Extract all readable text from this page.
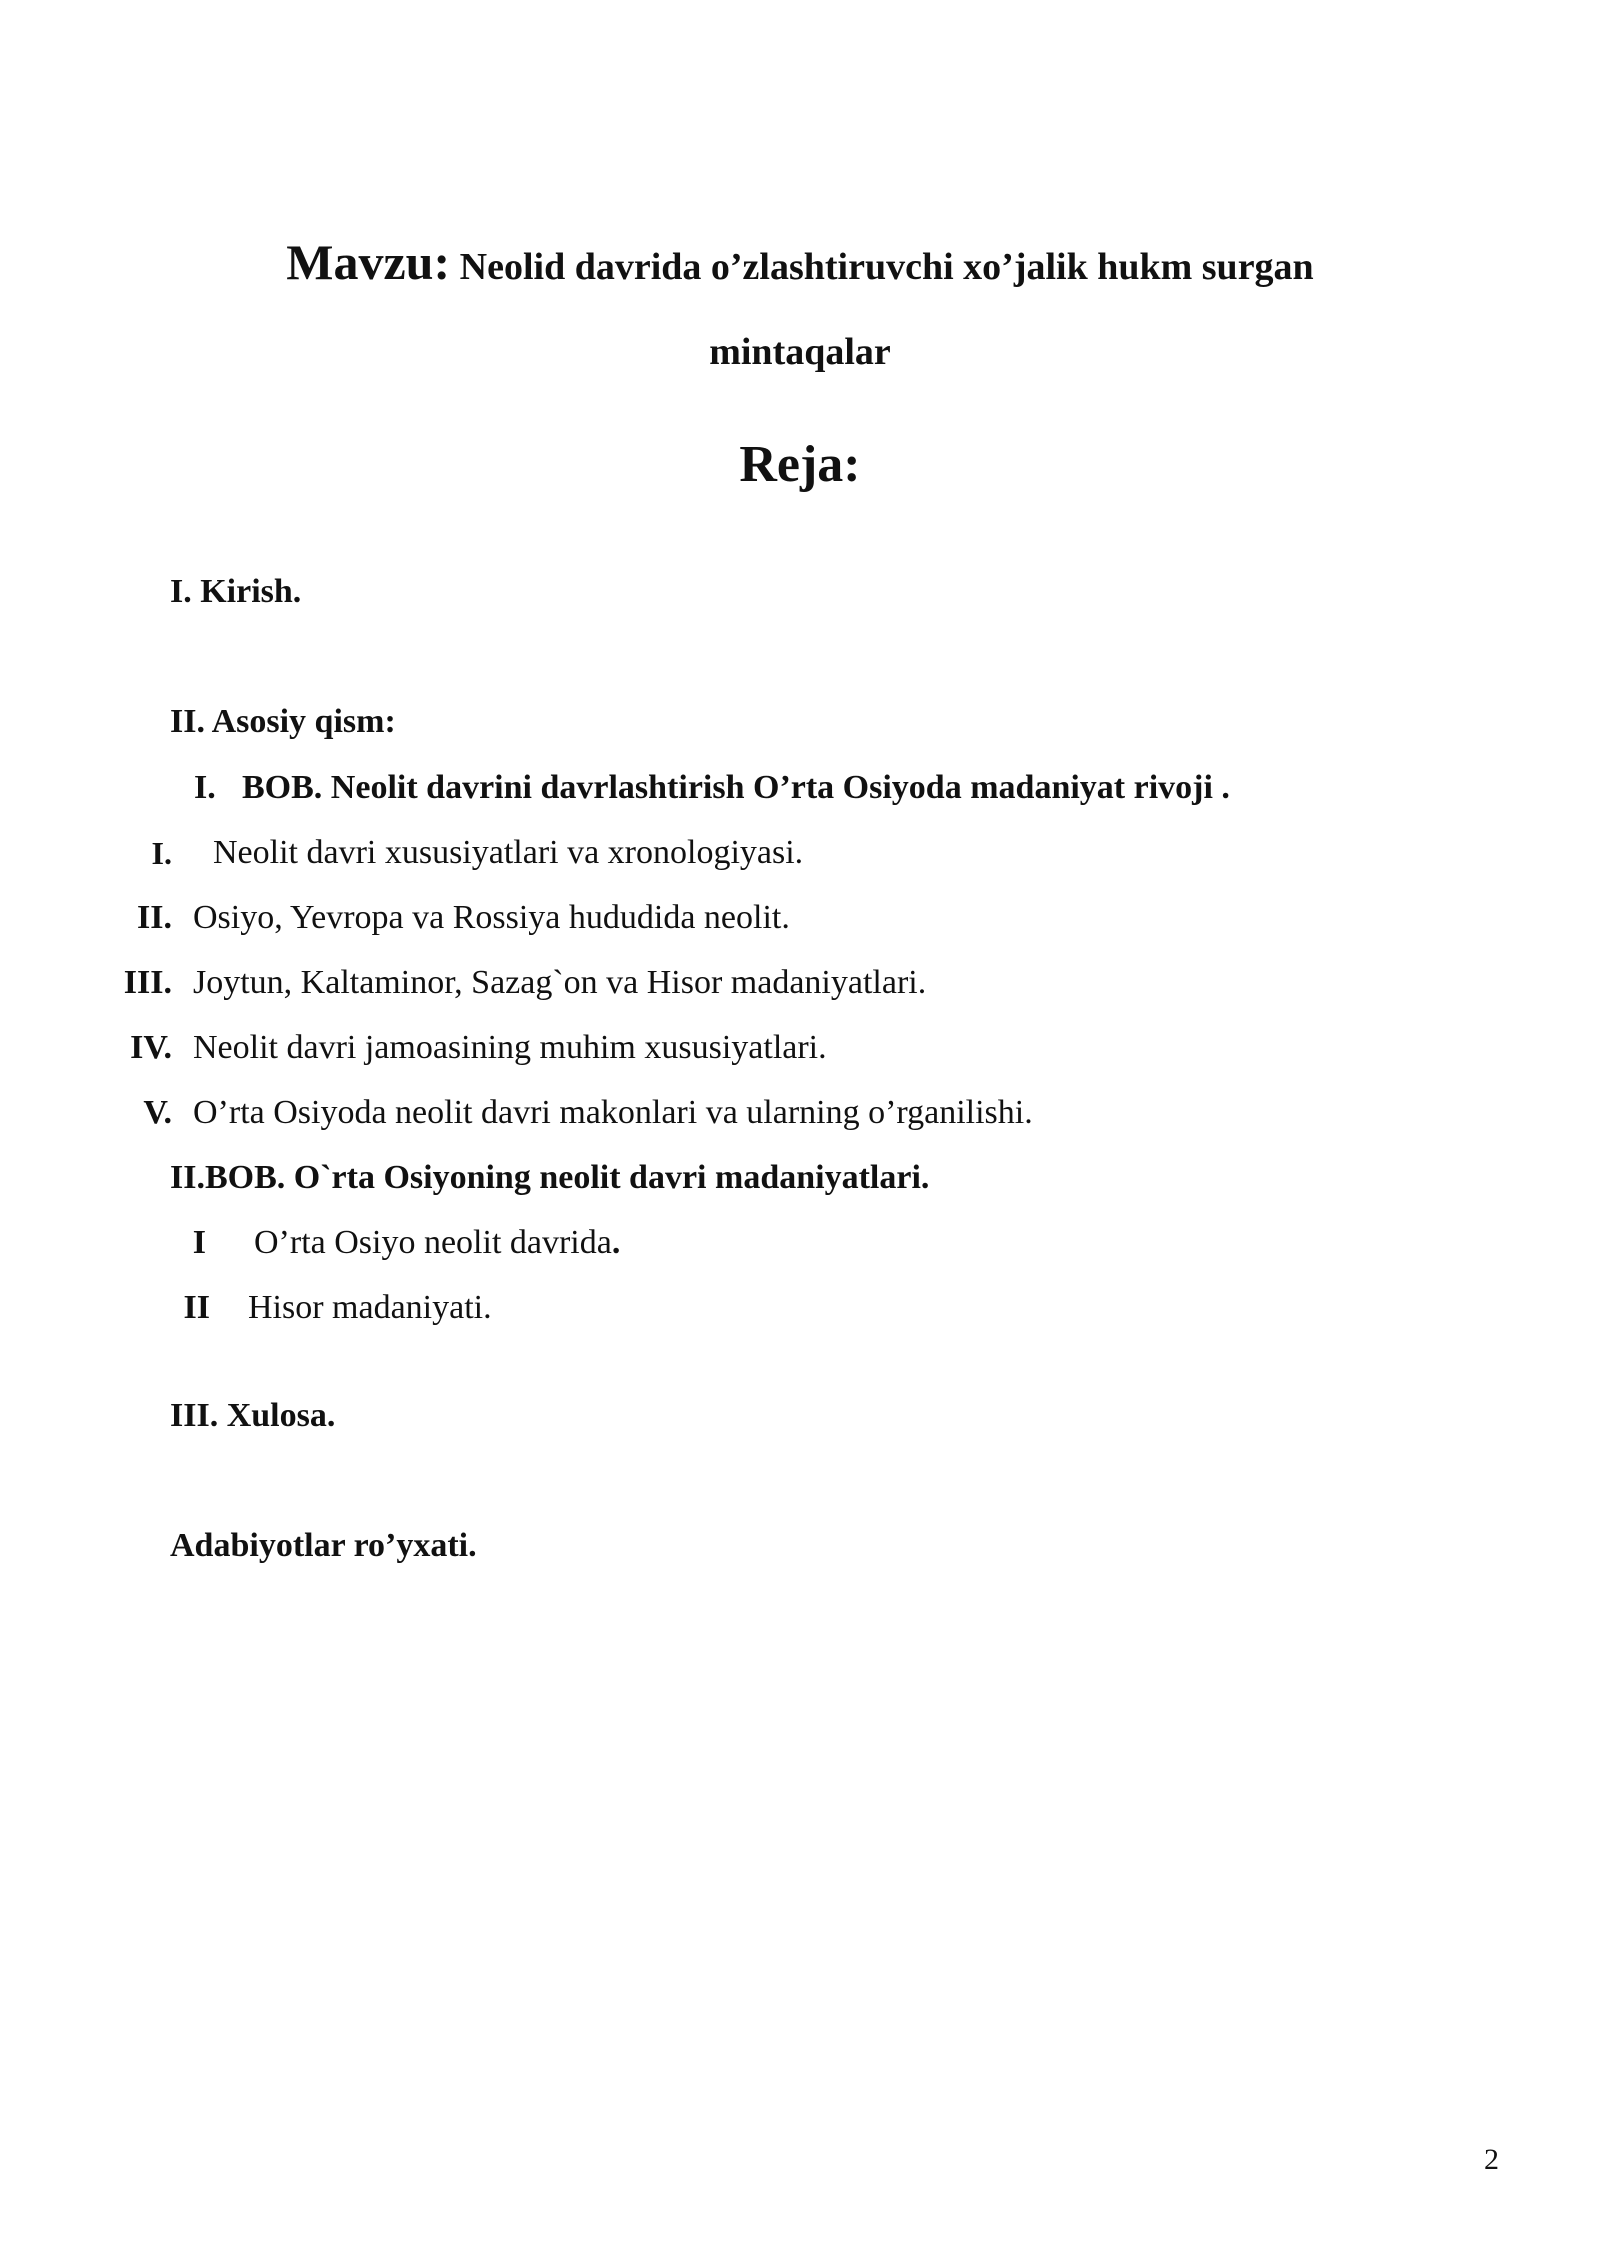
Mavzu: Neolid davrida o’zlashtiruvchi xo’jalik hukm surgan
mintaqalar
Reja:
I. Kirish.
II. Asosiy qism:
I. BOB. Neolit davrini davrlashtirish O’rta Osiyoda madaniyat rivoji .
I. Neolit davri xususiyatlari va xronologiyasi.
II. Osiyo, Yevropa va Rossiya hududida neolit.
III. Joytun, Kaltaminor, Sazag`on va Hisor madaniyatlari.
IV. Neolit davri jamoasining muhim xususiyatlari.
V. O’rta Osiyoda neolit davri makonlari va ularning o’rganilishi.
II.BOB. O`rta Osiyoning neolit davri madaniyatlari.
I O’rta Osiyo neolit davrida.
II Hisor madaniyati.
III. Xulosa.
Adabiyotlar ro’yxati.
2
